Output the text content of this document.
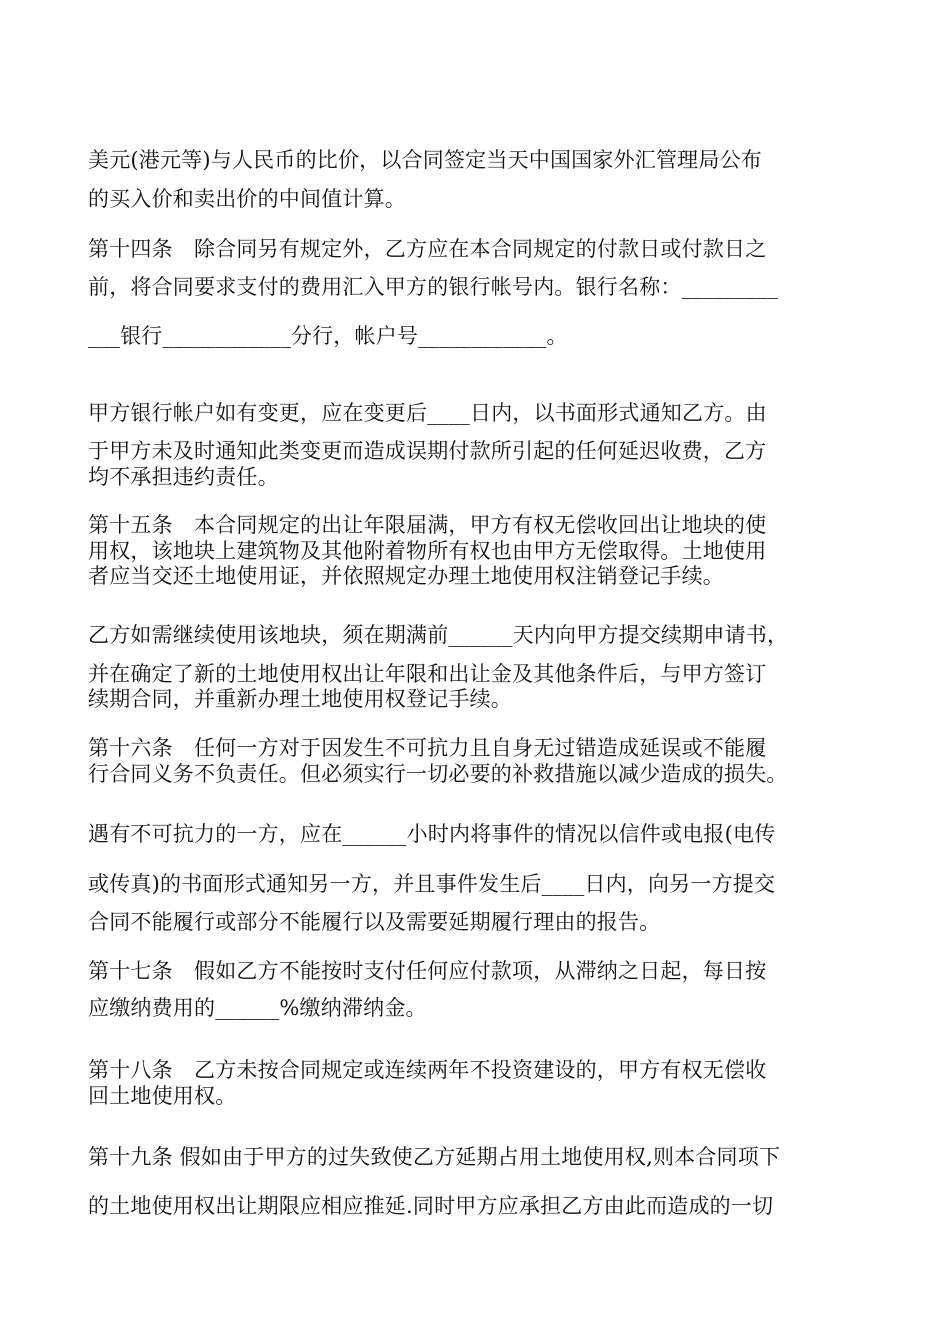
美元(港元等)与人民币的比价，以合同签定当天中国国家外汇管理局公布
的买入价和卖出价的中间值计算。
第十四条　除合同另有规定外，乙方应在本合同规定的付款日或付款日之
前，将合同要求支付的费用汇入甲方的银行帐号内。银行名称：_________
___银行____________分行，帐户号____________。
甲方银行帐户如有变更，应在变更后____日内，以书面形式通知乙方。由
于甲方未及时通知此类变更而造成误期付款所引起的任何延迟收费，乙方
均不承担违约责任。
第十五条　本合同规定的出让年限届满，甲方有权无偿收回出让地块的使
用权，该地块上建筑物及其他附着物所有权也由甲方无偿取得。土地使用
者应当交还土地使用证，并依照规定办理土地使用权注销登记手续。
乙方如需继续使用该地块，须在期满前______天内向甲方提交续期申请书，
并在确定了新的土地使用权出让年限和出让金及其他条件后，与甲方签订
续期合同，并重新办理土地使用权登记手续。
第十六条　任何一方对于因发生不可抗力且自身无过错造成延误或不能履
行合同义务不负责任。但必须实行一切必要的补救措施以减少造成的损失。
遇有不可抗力的一方，应在______小时内将事件的情况以信件或电报(电传
或传真)的书面形式通知另一方，并且事件发生后____日内，向另一方提交
合同不能履行或部分不能履行以及需要延期履行理由的报告。
第十七条　假如乙方不能按时支付任何应付款项，从滞纳之日起，每日按
应缴纳费用的______%缴纳滞纳金。
第十八条　乙方未按合同规定或连续两年不投资建设的，甲方有权无偿收
回土地使用权。
第十九条 假如由于甲方的过失致使乙方延期占用土地使用权,则本合同项下
的土地使用权出让期限应相应推延.同时甲方应承担乙方由此而造成的一切
